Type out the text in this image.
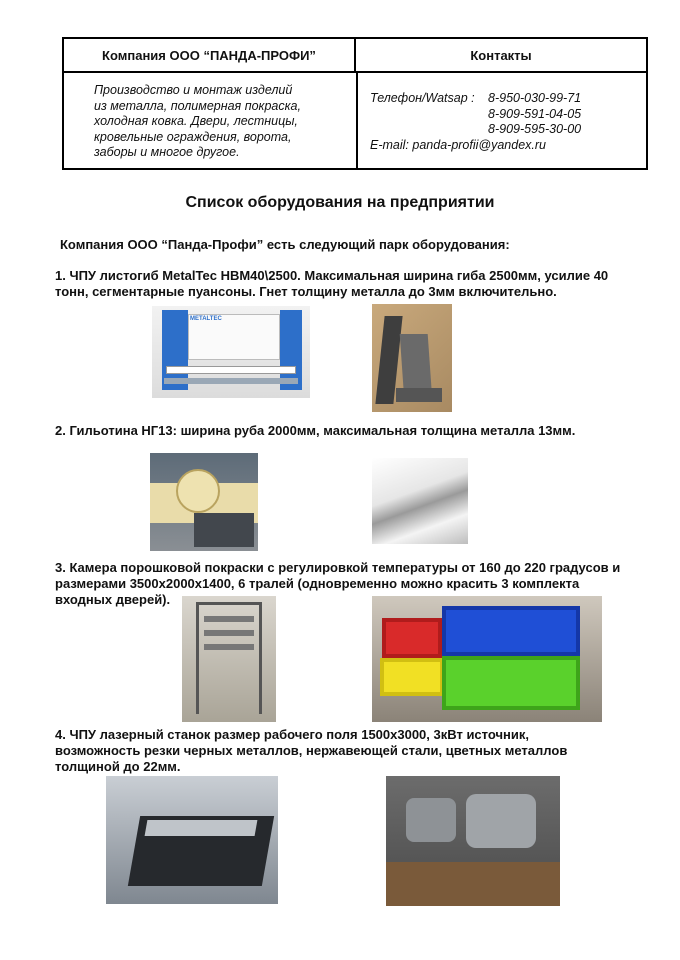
Компания ООО “ПАНДА-ПРОФИ”	Контакты
Производство и монтаж изделий
из металла, полимерная покраска,
холодная ковка. Двери, лестницы,
кровельные ограждения, ворота,
заборы и многое другое.
Телефон/Watsap :	8-950-030-99-71
8-909-591-04-05
8-909-595-30-00
E-mail: panda-profii@yandex.ru
Список оборудования на предприятии
Компания ООО “Панда-Профи” есть следующий парк оборудования:
1. ЧПУ листогиб MetalTec HBM40\2500. Максимальная ширина гиба 2500мм, усилие 40
тонн, сегментарные пуансоны. Гнет толщину металла до 3мм включительно.
METALTEC
2. Гильотина НГ13: ширина руба 2000мм, максимальная толщина металла 13мм.
3. Камера порошковой покраски с регулировкой температуры от 160 до 220 градусов и
размерами 3500х2000х1400, 6 тралей (одновременно можно красить 3 комплекта
входных дверей).
4. ЧПУ лазерный станок размер рабочего поля 1500х3000, 3кВт источник,
возможность резки черных металлов, нержавеющей стали, цветных металлов
толщиной до 22мм.
